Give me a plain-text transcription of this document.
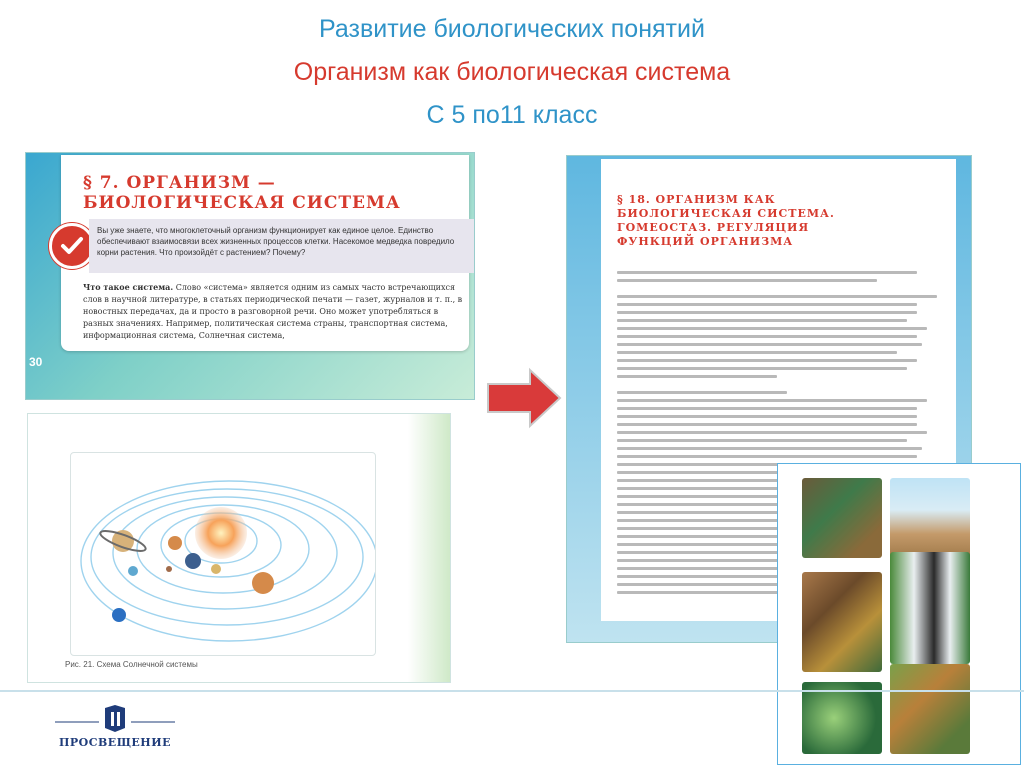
Развитие биологических понятий
Организм как биологическая система
С 5 по11 класс
§ 7. ОРГАНИЗМ —
БИОЛОГИЧЕСКАЯ СИСТЕМА

Вы уже знаете, что многоклеточный организм функционирует как единое целое. Единство обеспечивают взаимосвязи всех жизненных процессов клетки. Насекомое медведка повредило корни растения. Что произойдёт с растением? Почему?

Что такое система. Слово «система» является одним из самых часто встречающихся слов в научной литературе, в статьях периодической печати — газет, журналов и т. п., в новостных передачах, да и просто в разговорной речи. Оно может употребляться в разных значениях. Например, политическая система страны, транспортная система, информационная система, Солнечная система,

30
Рис. 21. Схема Солнечной системы
§ 18. ОРГАНИЗМ КАК
БИОЛОГИЧЕСКАЯ СИСТЕМА.
ГОМЕОСТАЗ. РЕГУЛЯЦИЯ
ФУНКЦИЙ ОРГАНИЗМА
ПРОСВЕЩЕНИЕ
